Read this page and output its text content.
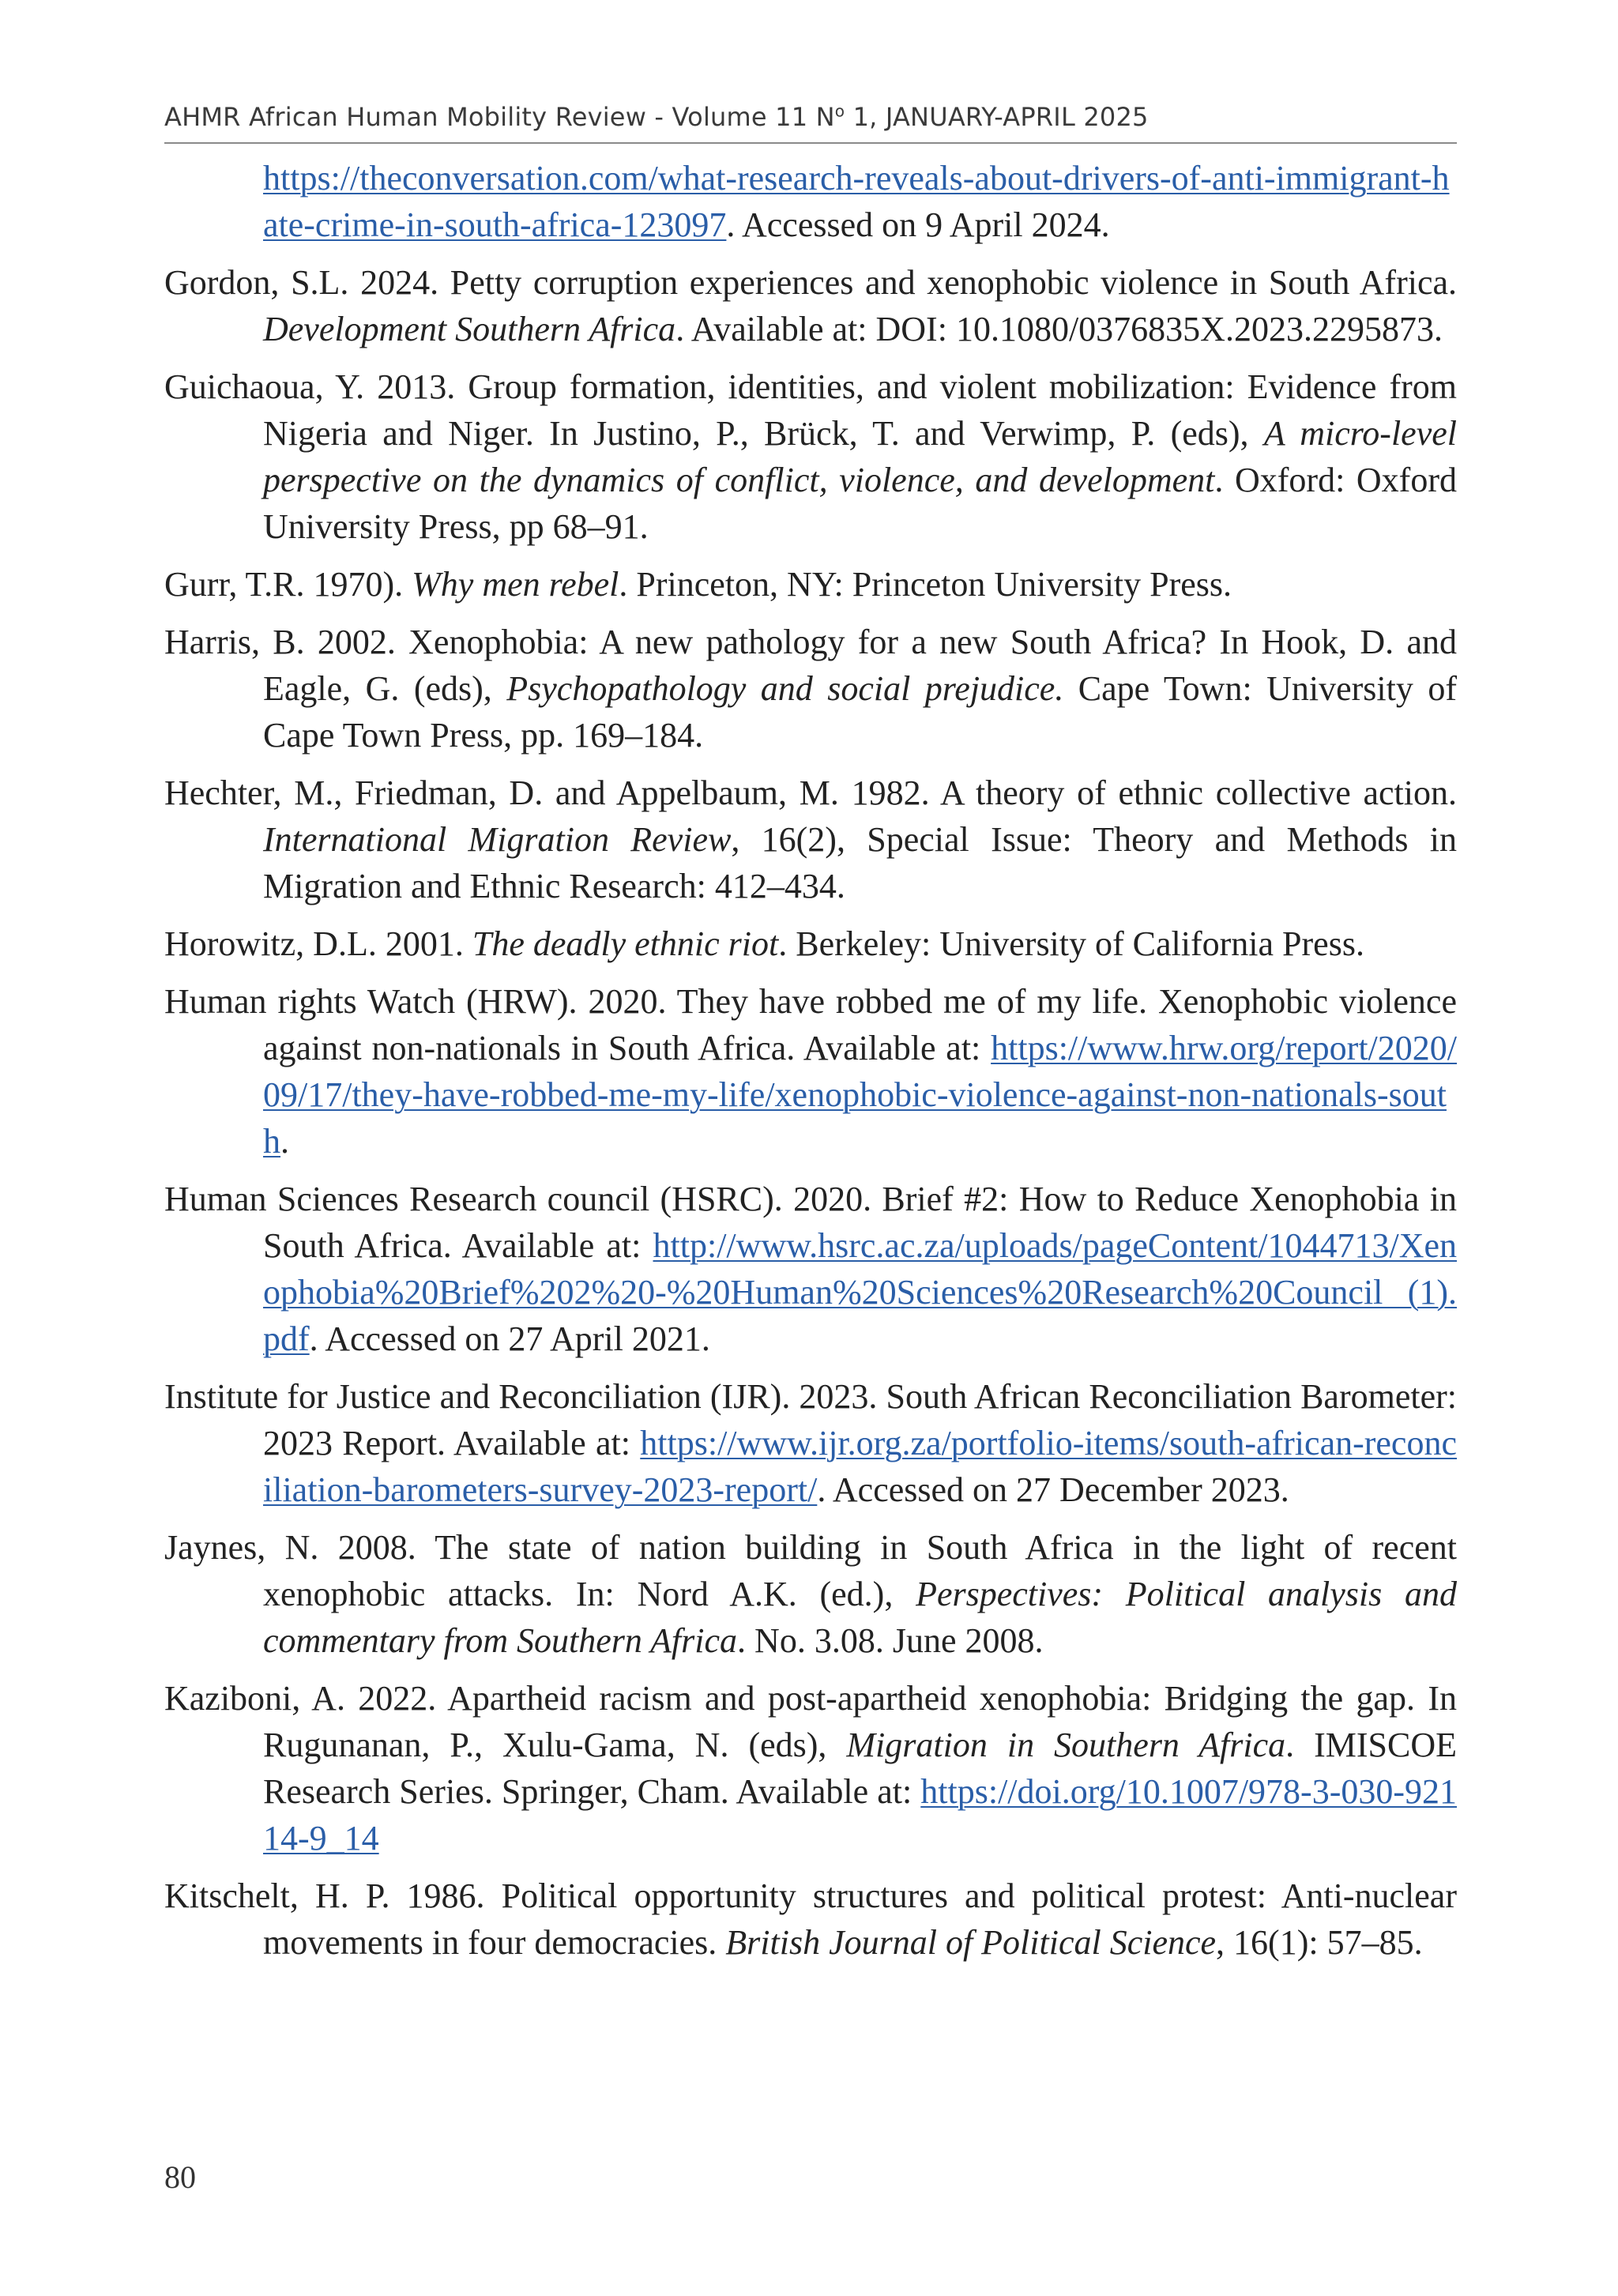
AHMR African Human Mobility Review - Volume 11 $N^o$ 1, JANUARY-APRIL 2025

https://theconversation.com/what-research-reveals-about-drivers-of-anti-immigrant-hate-crime-in-south-africa-123097. Accessed on 9 April 2024.

Gordon, S.L. 2024. Petty corruption experiences and xenophobic violence in South Africa. Development Southern Africa. Available at: DOI: 10.1080/0376835X.2023.2295873.

Guichaoua, Y. 2013. Group formation, identities, and violent mobilization: Evidence from Nigeria and Niger. In Justino, P., Brück, T. and Verwimp, P. (eds), A micro-level perspective on the dynamics of conflict, violence, and development. Oxford: Oxford University Press, pp 68–91.

Gurr, T.R. 1970). Why men rebel. Princeton, NY: Princeton University Press.

Harris, B. 2002. Xenophobia: A new pathology for a new South Africa? In Hook, D. and Eagle, G. (eds), Psychopathology and social prejudice. Cape Town: University of Cape Town Press, pp. 169–184.

Hechter, M., Friedman, D. and Appelbaum, M. 1982. A theory of ethnic collective action. International Migration Review, 16(2), Special Issue: Theory and Methods in Migration and Ethnic Research: 412–434.

Horowitz, D.L. 2001. The deadly ethnic riot. Berkeley: University of California Press.

Human rights Watch (HRW). 2020. They have robbed me of my life. Xenophobic violence against non-nationals in South Africa. Available at: https://www.hrw.org/report/2020/09/17/they-have-robbed-me-my-life/xenophobic-violence-against-non-nationals-south.

Human Sciences Research council (HSRC). 2020. Brief #2: How to Reduce Xenophobia in South Africa. Available at: http://www.hsrc.ac.za/uploads/pageContent/1044713/Xenophobia%20Brief%202%20-%20Human%20Sciences%20Research%20Council (1).pdf. Accessed on 27 April 2021.

Institute for Justice and Reconciliation (IJR). 2023. South African Reconciliation Barometer: 2023 Report. Available at: https://www.ijr.org.za/portfolio-items/south-african-reconciliation-barometers-survey-2023-report/. Accessed on 27 December 2023.

Jaynes, N. 2008. The state of nation building in South Africa in the light of recent xenophobic attacks. In: Nord A.K. (ed.), Perspectives: Political analysis and commentary from Southern Africa. No. 3.08. June 2008.

Kaziboni, A. 2022. Apartheid racism and post-apartheid xenophobia: Bridging the gap. In Rugunanan, P., Xulu-Gama, N. (eds), Migration in Southern Africa. IMISCOE Research Series. Springer, Cham. Available at: https://doi.org/10.1007/978-3-030-92114-9_14

Kitschelt, H. P. 1986. Political opportunity structures and political protest: Anti-nuclear movements in four democracies. British Journal of Political Science, 16(1): 57–85.

80
